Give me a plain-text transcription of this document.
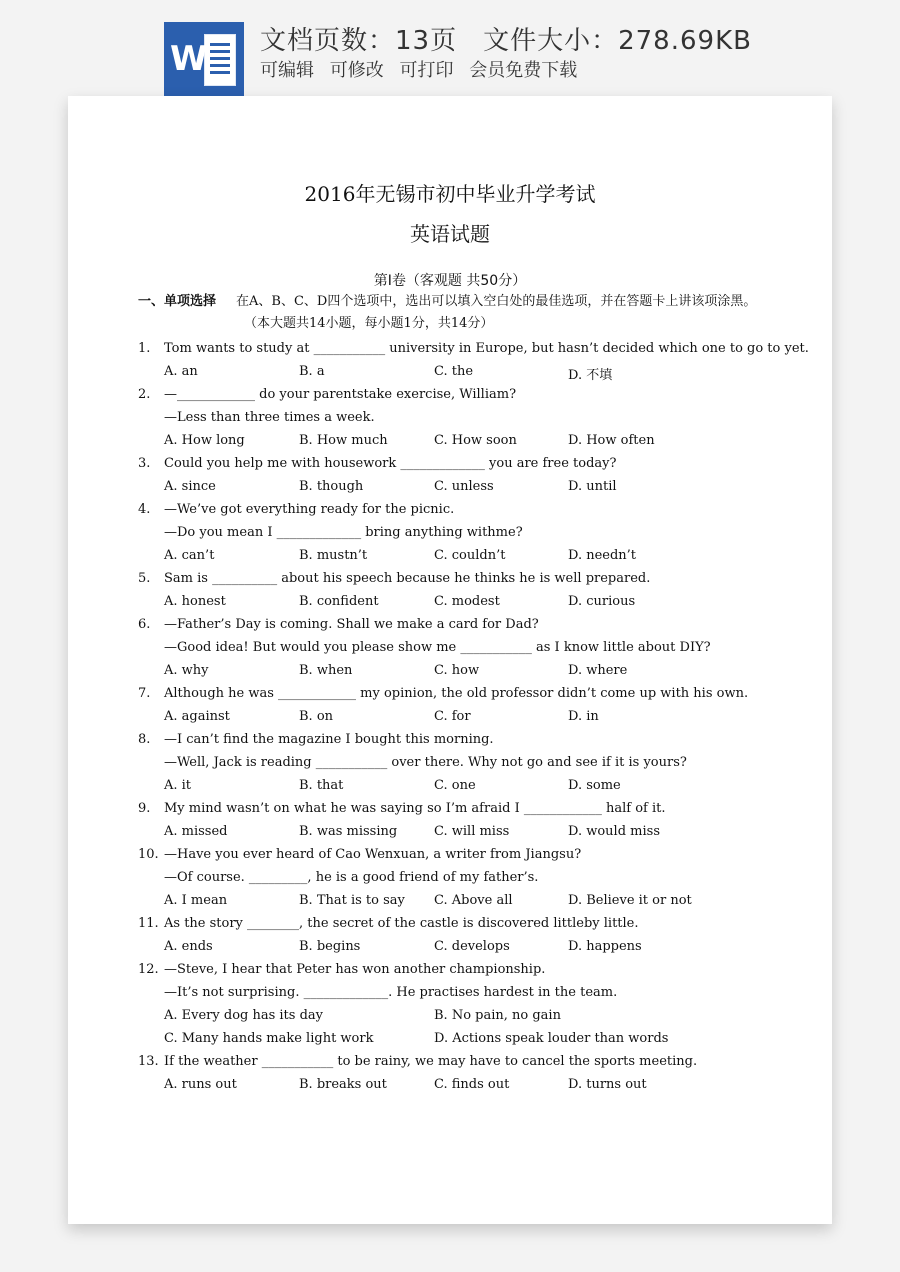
W 文档页数：13页 文件大小：278.69KB
可编辑 可修改 可打印 会员免费下载
2016年无锡市初中毕业升学考试
英语试题
第Ⅰ卷（客观题 共50分）
一、单项选择 在A、B、C、D四个选项中，选出可以填入空白处的最佳选项，并在答题卡上讲该项涂黑。
（本大题共14小题，每小题1分，共14分）
1. Tom wants to study at ___________ university in Europe, but hasn’t decided which one to go to yet.
A. an	B. a	C. the	D. 不填
2. —____________ do your parentstake exercise, William?
—Less than three times a week.
A. How long	B. How much	C. How soon	D. How often
3. Could you help me with housework _____________ you are free today?
A. since	B. though	C. unless	D. until
4. —We’ve got everything ready for the picnic.
—Do you mean I _____________ bring anything withme?
A. can’t	B. mustn’t	C. couldn’t	D. needn’t
5. Sam is __________ about his speech because he thinks he is well prepared.
A. honest	B. confident	C. modest	D. curious
6. —Father’s Day is coming. Shall we make a card for Dad?
—Good idea! But would you please show me ___________ as I know little about DIY?
A. why	B. when	C. how	D. where
7. Although he was ____________ my opinion, the old professor didn’t come up with his own.
A. against	B. on	C. for	D. in
8. —I can’t find the magazine I bought this morning.
—Well, Jack is reading ___________ over there. Why not go and see if it is yours?
A. it	B. that	C. one	D. some
9. My mind wasn’t on what he was saying so I’m afraid I ____________ half of it.
A. missed	B. was missing	C. will miss	D. would miss
10. —Have you ever heard of Cao Wenxuan, a writer from Jiangsu?
—Of course. _________, he is a good friend of my father’s.
A. I mean	B. That is to say C. Above all	D. Believe it or not
11. As the story ________, the secret of the castle is discovered littleby little.
A. ends	B. begins	C. develops	D. happens
12. —Steve, I hear that Peter has won another championship.
—It’s not surprising. _____________. He practises hardest in the team.
A. Every dog has its day	B. No pain, no gain
C. Many hands make light work	D. Actions speak louder than words
13. If the weather ___________ to be rainy, we may have to cancel the sports meeting.
A. runs out	B. breaks out	C. finds out	D. turns out
